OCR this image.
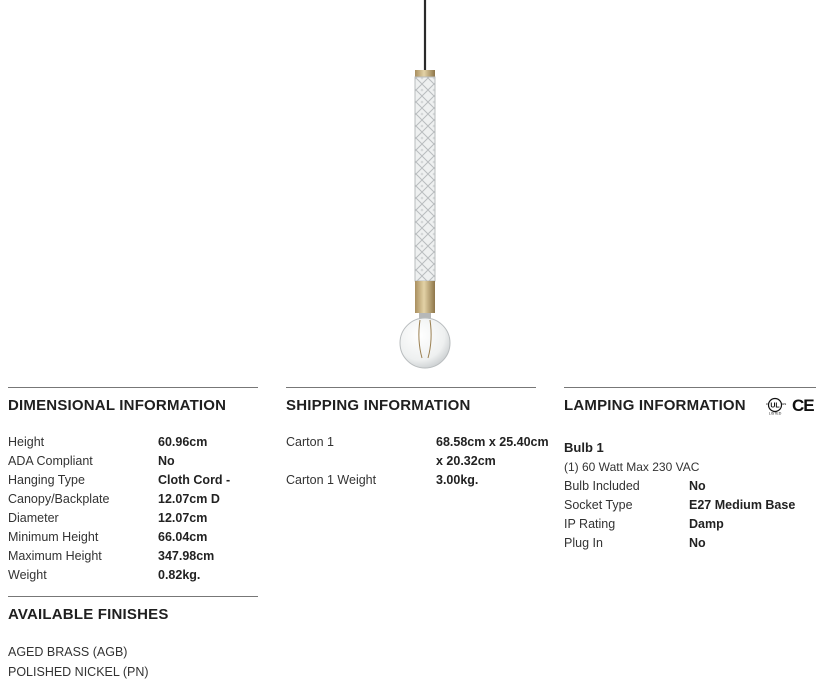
DIMENSIONAL INFORMATION
Height	60.96cm
ADA Compliant	No
Hanging Type	Cloth Cord -
Canopy/Backplate	12.07cm D
Diameter	12.07cm
Minimum Height	66.04cm
Maximum Height	347.98cm
Weight	0.82kg.
SHIPPING INFORMATION
Carton 1	68.58cm x 25.40cm
x 20.32cm
Carton 1 Weight	3.00kg.
LAMPING INFORMATION	UL
c	us
LISTED CE
Bulb 1
(1) 60 Watt Max 230 VAC
Bulb Included	No
Socket Type	E27 Medium Base
IP Rating	Damp
Plug In	No
AVAILABLE FINISHES
AGED BRASS (AGB)
POLISHED NICKEL (PN)
